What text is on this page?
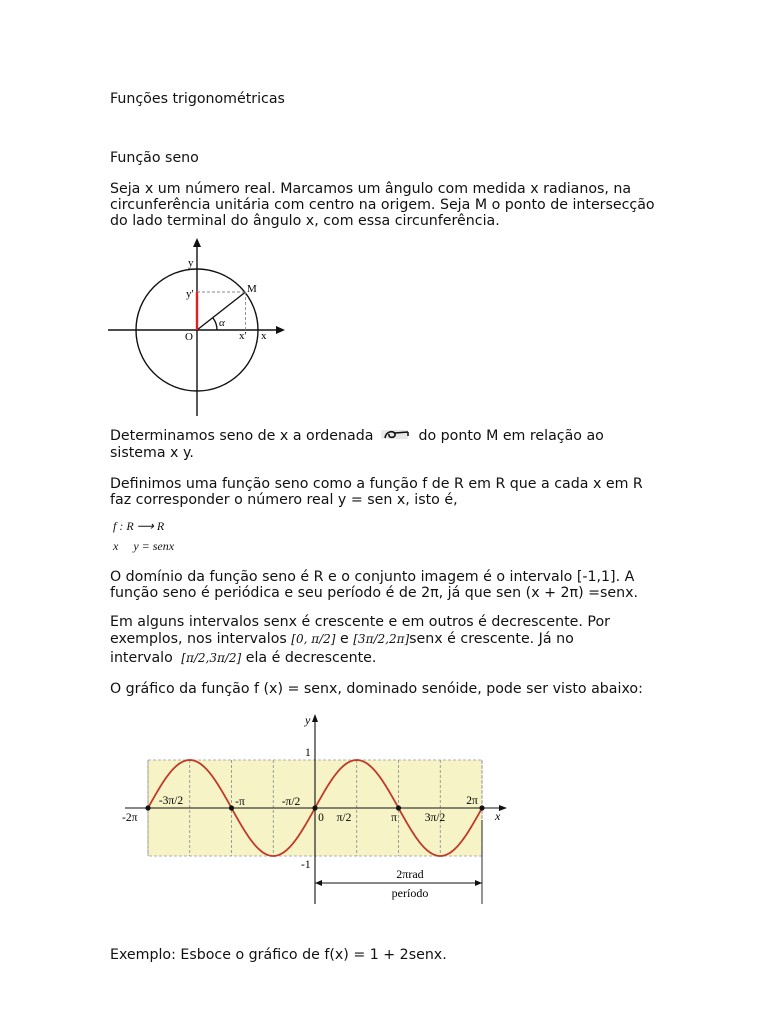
Funções trigonométricas
Função seno
Seja x um número real. Marcamos um ângulo com medida x radianos, na
circunferência unitária com centro na origem. Seja M o ponto de intersecção
do lado terminal do ângulo x, com essa circunferência.
y
x
O
M
α
y'
x'
Determinamos seno de x a ordenada	do ponto M em relação ao
sistema x y.
Definimos uma função seno como a função f de R em R que a cada x em R
faz corresponder o número real y = sen x, isto é,
f : R ⟶ R
x     y = senx
O domínio da função seno é R e o conjunto imagem é o intervalo [-1,1]. A
função seno é periódica e seu período é de 2π, já que sen (x + 2π) =senx.
Em alguns intervalos senx é crescente e em outros é decrescente. Por
exemplos, nos intervalos [0, π/2] e [3π/2,2π]senx é crescente. Já no
intervalo [π/2,3π/2] ela é decrescente.
O gráfico da função f (x) = senx, dominado senóide, pode ser visto abaixo:
-2π
-3π/2	-π	-π/2
0 π/2	π 3π/2
2π
1
-1
x
y
2πrad
período
Exemplo: Esboce o gráfico de f(x) = 1 + 2senx.
